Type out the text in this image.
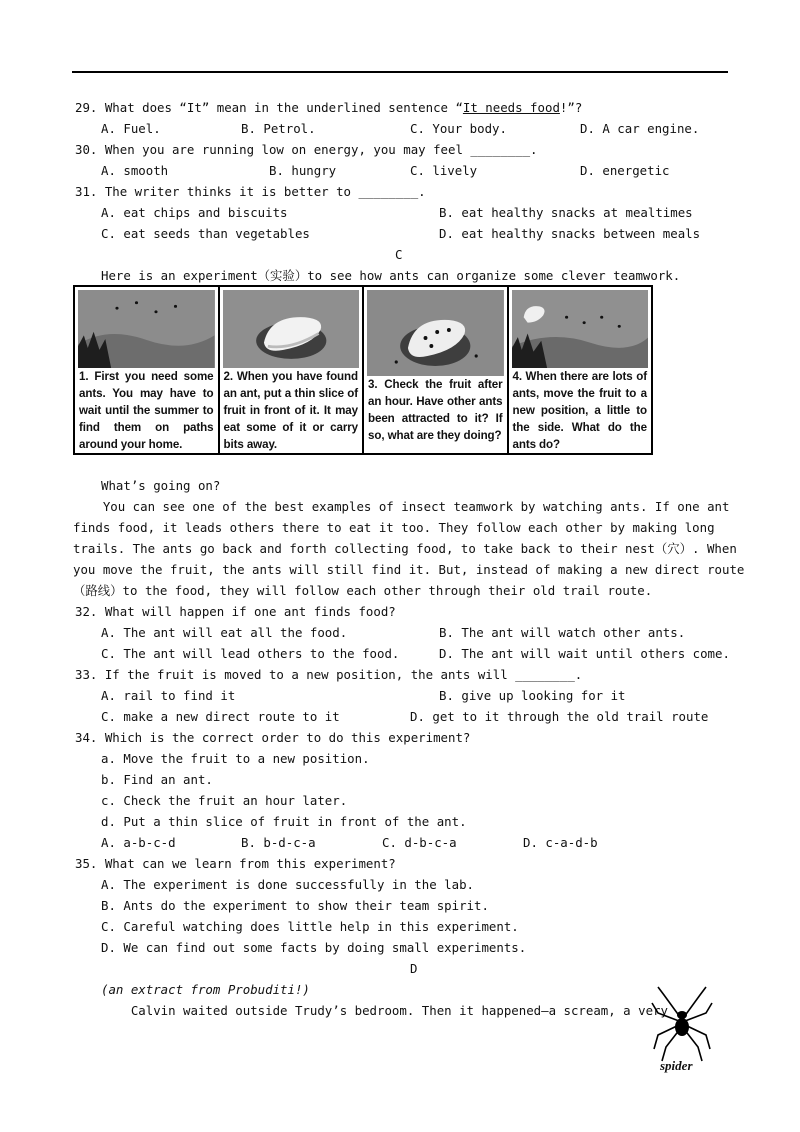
29. What does “It” mean in the underlined sentence “It needs food!”?
A. Fuel.	B. Petrol.	C. Your body.	D. A car engine.
30. When you are running low on energy, you may feel ________.
A. smooth	B. hungry	C. lively	D. energetic
31. The writer thinks it is better to ________.
A. eat chips and biscuits	B. eat healthy snacks at mealtimes
C. eat seeds than vegetables	D. eat healthy snacks between meals
C
Here is an experiment（实验）to see how ants can organize some clever teamwork.
1. First you need some ants. You may have to wait until the summer to find them on paths around your home.
2. When you have found an ant, put a thin slice of fruit in front of it. It may eat some of it or carry bits away.
3. Check the fruit after an hour. Have other ants been attracted to it? If so, what are they doing?
4. When there are lots of ants, move the fruit to a new position, a little to the side. What do the ants do?
What’s going on?
You can see one of the best examples of insect teamwork by watching ants. If one ant
finds food, it leads others there to eat it too. They follow each other by making long
trails. The ants go back and forth collecting food, to take back to their nest（穴）. When
you move the fruit, the ants will still find it. But, instead of making a new direct route
（路线）to the food, they will follow each other through their old trail route.
32. What will happen if one ant finds food?
A. The ant will eat all the food.	B. The ant will watch other ants.
C. The ant will lead others to the food.	D. The ant will wait until others come.
33. If the fruit is moved to a new position, the ants will ________.
A. rail to find it	B. give up looking for it
C. make a new direct route to it	D. get to it through the old trail route
34. Which is the correct order to do this experiment?
a. Move the fruit to a new position.
b. Find an ant.
c. Check the fruit an hour later.
d. Put a thin slice of fruit in front of the ant.
A. a-b-c-d	B. b-d-c-a	C. d-b-c-a	D. c-a-d-b
35. What can we learn from this experiment?
A. The experiment is done successfully in the lab.
B. Ants do the experiment to show their team spirit.
C. Careful watching does little help in this experiment.
D. We can find out some facts by doing small experiments.
D
(an extract from Probuditi!)
Calvin waited outside Trudy’s bedroom. Then it happened—a scream, a very
spider
